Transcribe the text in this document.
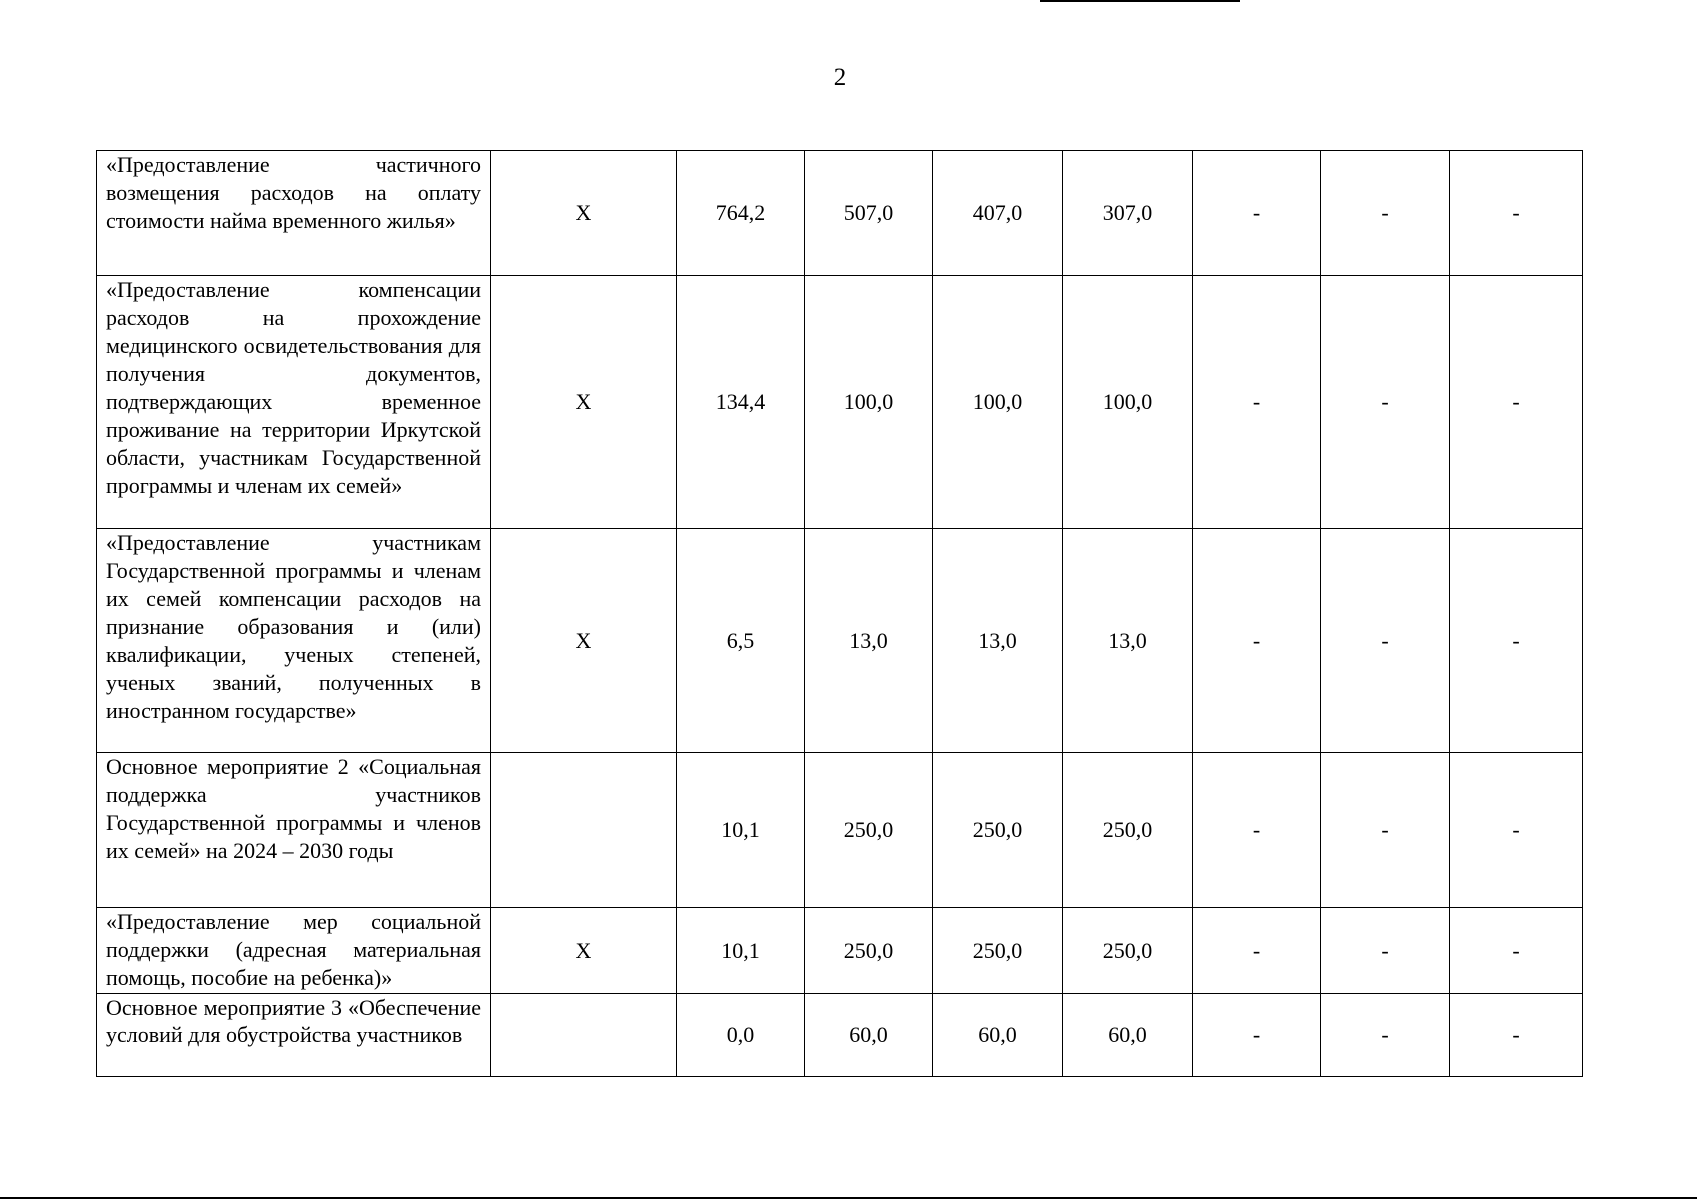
2
«Предоставление частичного возмещения расходов на оплату стоимости найма временного жилья»	Х	764,2	507,0	407,0	307,0	-	-	-
«Предоставление компенсации расходов на прохождение медицинского освидетельствования для получения документов, подтверждающих временное проживание на территории Иркутской области, участникам Государственной программы и членам их семей»	Х	134,4	100,0	100,0	100,0	-	-	-
«Предоставление участникам Государственной программы и членам их семей компенсации расходов на признание образования и (или) квалификации, ученых степеней, ученых званий, полученных в иностранном государстве»	Х	6,5	13,0	13,0	13,0	-	-	-
Основное мероприятие 2 «Социальная поддержка участников Государственной программы и членов их семей» на 2024 – 2030 годы		10,1	250,0	250,0	250,0	-	-	-
«Предоставление мер социальной поддержки (адресная материальная помощь, пособие на ребенка)»	Х	10,1	250,0	250,0	250,0	-	-	-
Основное мероприятие 3 «Обеспечение условий для обустройства участников		0,0	60,0	60,0	60,0	-	-	-
